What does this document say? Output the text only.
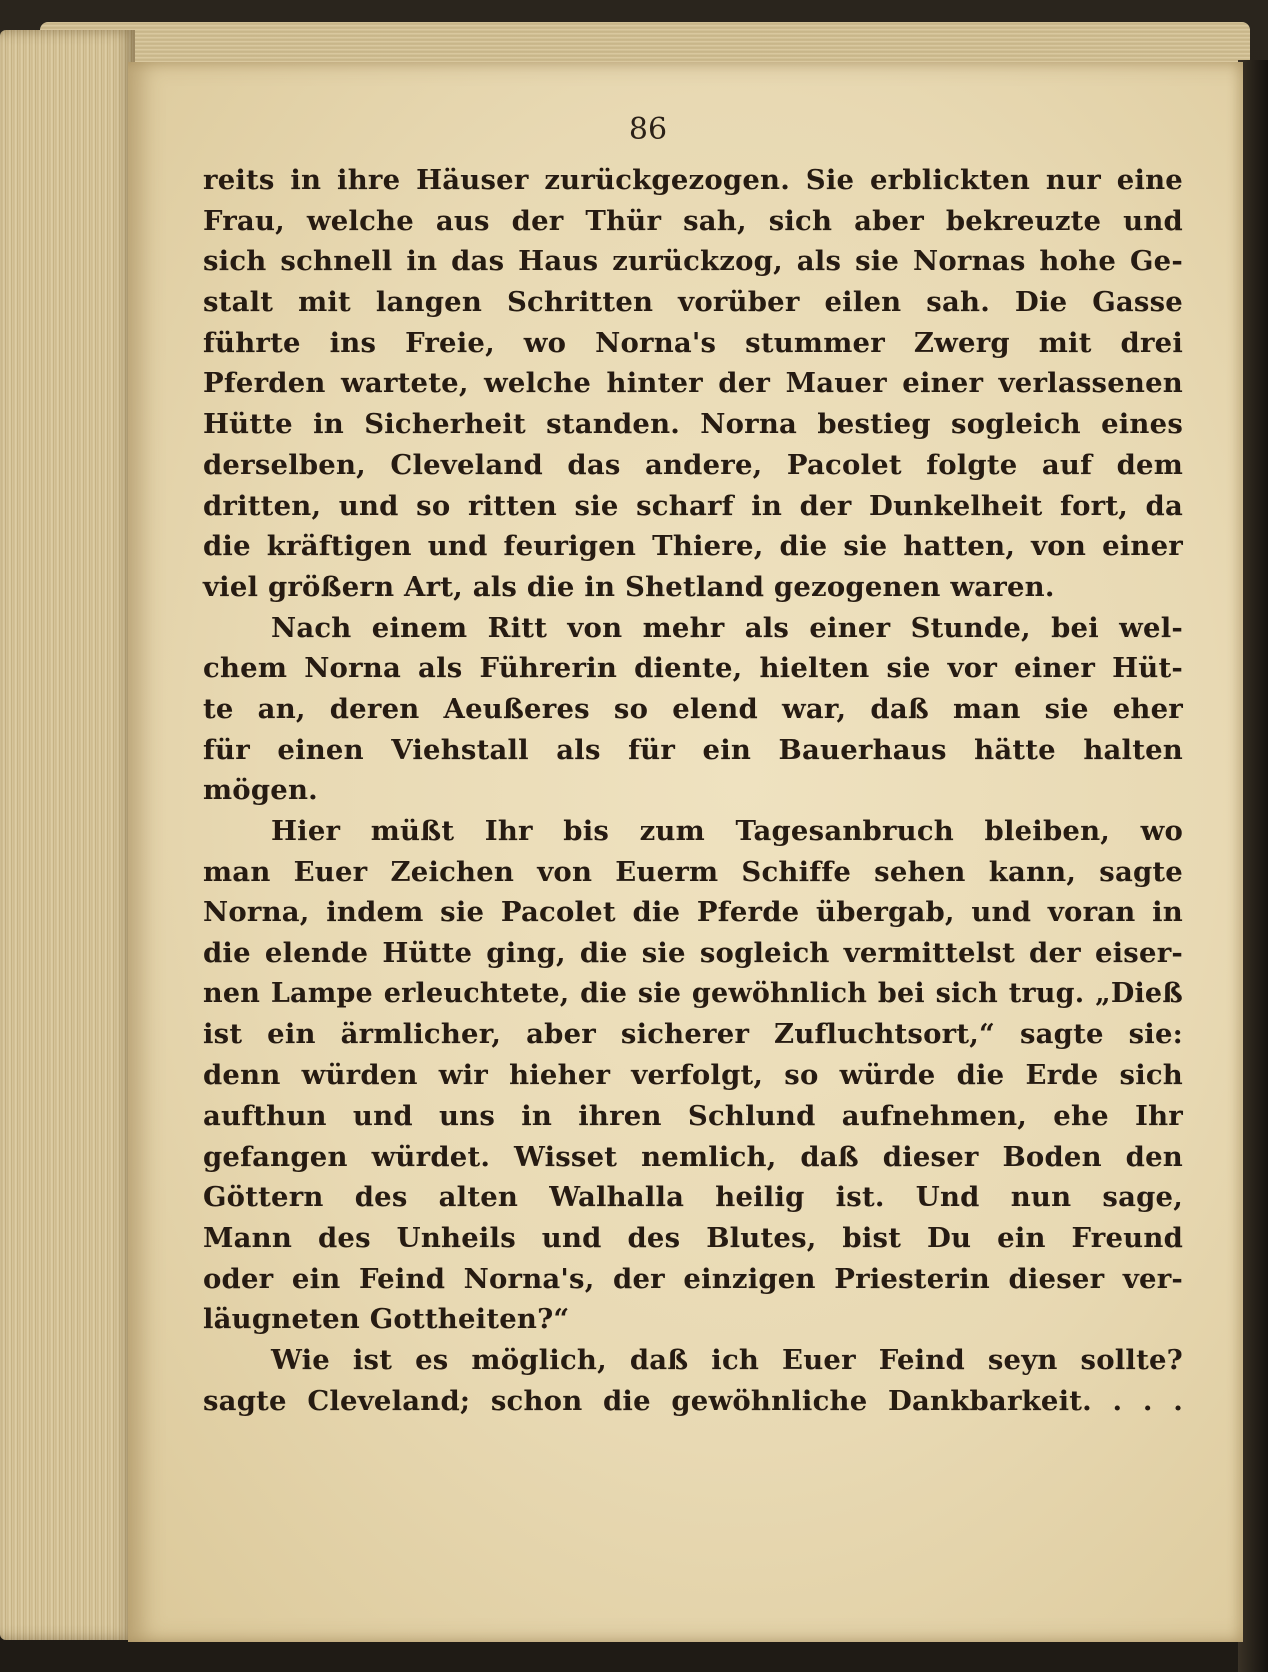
86
reits in ihre Häuser zurückgezogen. Sie erblickten nur eine
Frau, welche aus der Thür sah, sich aber bekreuzte und
sich schnell in das Haus zurückzog, als sie Nornas hohe Ge-
stalt mit langen Schritten vorüber eilen sah. Die Gasse
führte ins Freie, wo Norna's stummer Zwerg mit drei
Pferden wartete, welche hinter der Mauer einer verlassenen
Hütte in Sicherheit standen. Norna bestieg sogleich eines
derselben, Cleveland das andere, Pacolet folgte auf dem
dritten, und so ritten sie scharf in der Dunkelheit fort, da
die kräftigen und feurigen Thiere, die sie hatten, von einer
viel größern Art, als die in Shetland gezogenen waren.
Nach einem Ritt von mehr als einer Stunde, bei wel-
chem Norna als Führerin diente, hielten sie vor einer Hüt-
te an, deren Aeußeres so elend war, daß man sie eher
für einen Viehstall als für ein Bauerhaus hätte halten
mögen.
Hier müßt Ihr bis zum Tagesanbruch bleiben, wo
man Euer Zeichen von Euerm Schiffe sehen kann, sagte
Norna, indem sie Pacolet die Pferde übergab, und voran in
die elende Hütte ging, die sie sogleich vermittelst der eiser-
nen Lampe erleuchtete, die sie gewöhnlich bei sich trug. „Dieß
ist ein ärmlicher, aber sicherer Zufluchtsort,“ sagte sie:
denn würden wir hieher verfolgt, so würde die Erde sich
aufthun und uns in ihren Schlund aufnehmen, ehe Ihr
gefangen würdet. Wisset nemlich, daß dieser Boden den
Göttern des alten Walhalla heilig ist. Und nun sage,
Mann des Unheils und des Blutes, bist Du ein Freund
oder ein Feind Norna's, der einzigen Priesterin dieser ver-
läugneten Gottheiten?“
Wie ist es möglich, daß ich Euer Feind seyn sollte?
sagte Cleveland; schon die gewöhnliche Dankbarkeit. . . .
